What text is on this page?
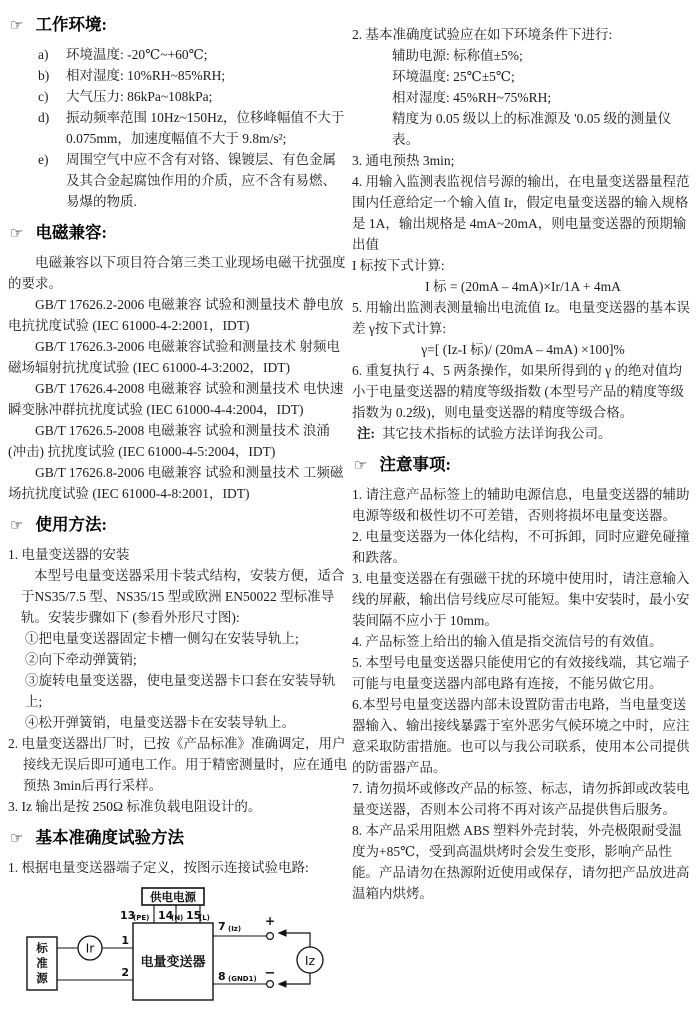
☞ 工作环境:
a) 环境温度: -20℃~+60℃;
b) 相对湿度: 10%RH~85%RH;
c) 大气压力: 86kPa~108kPa;
d) 振动频率范围 10Hz~150Hz，位移峰幅值不大于0.075mm，加速度幅值不大于 9.8m/s²;
e) 周围空气中应不含有对铬、镍镀层、有色金属及其合金起腐蚀作用的介质，应不含有易燃、易爆的物质.
☞ 电磁兼容:
电磁兼容以下项目符合第三类工业现场电磁干扰强度的要求。
GB/T 17626.2-2006 电磁兼容 试验和测量技术 静电放电抗扰度试验 (IEC 61000-4-2:2001，IDT)
GB/T 17626.3-2006 电磁兼容试验和测量技术 射频电磁场辐射抗扰度试验 (IEC 61000-4-3:2002，IDT)
GB/T 17626.4-2008 电磁兼容 试验和测量技术 电快速瞬变脉冲群抗扰度试验 (IEC 61000-4-4:2004，IDT)
GB/T 17626.5-2008 电磁兼容 试验和测量技术 浪涌 (冲击) 抗扰度试验 (IEC 61000-4-5:2004，IDT)
GB/T 17626.8-2006 电磁兼容 试验和测量技术 工频磁场抗扰度试验 (IEC 61000-4-8:2001，IDT)
☞ 使用方法:
1. 电量变送器的安装
本型号电量变送器采用卡装式结构，安装方便，适合于NS35/7.5 型、NS35/15 型或欧洲 EN50022 型标准导轨。安装步骤如下 (参看外形尺寸图):
①把电量变送器固定卡槽一侧勾在安装导轨上;
②向下牵动弹簧销;
③旋转电量变送器，使电量变送器卡口套在安装导轨上;
④松开弹簧销，电量变送器卡在安装导轨上。
2. 电量变送器出厂时，已按《产品标准》准确调定，用户接线无误后即可通电工作。用于精密测量时，应在通电预热 3min后再行采样。
3. Iz 输出是按 250Ω 标准负载电阻设计的。
☞ 基本准确度试验方法
1. 根据电量变送器端子定义，按图示连接试验电路:
供电电源
13
(PE) 14
(N) 15
(L)
电量变送器
标
准
源
Ir 1
2
7 (Iz)
+
8 (GND1) −
Iz
2. 基本准确度试验应在如下环境条件下进行:
辅助电源: 标称值±5%;
环境温度: 25℃±5℃;
相对湿度: 45%RH~75%RH;
精度为 0.05 级以上的标准源及 '0.05 级的测量仪表。
3. 通电预热 3min;
4. 用输入监测表监视信号源的输出，在电量变送器量程范围内任意给定一个输入值 Ir，假定电量变送器的输入规格是 1A，输出规格是 4mA~20mA，则电量变送器的预期输出值
I 标按下式计算:
I 标 = (20mA – 4mA)×Ir/1A + 4mA
5. 用输出监测表测量输出电流值 Iz。电量变送器的基本误差 γ按下式计算:
γ=[ (Iz-I 标)/ (20mA – 4mA) ×100]%
6. 重复执行 4、5 两条操作，如果所得到的 γ 的绝对值均小于电量变送器的精度等级指数 (本型号产品的精度等级指数为 0.2级)，则电量变送器的精度等级合格。
注: 其它技术指标的试验方法详询我公司。
☞ 注意事项:
1. 请注意产品标签上的辅助电源信息，电量变送器的辅助电源等级和极性切不可差错，否则将损坏电量变送器。
2. 电量变送器为一体化结构，不可拆卸，同时应避免碰撞和跌落。
3. 电量变送器在有强磁干扰的环境中使用时，请注意输入线的屏蔽，输出信号线应尽可能短。集中安装时，最小安装间隔不应小于 10mm。
4. 产品标签上给出的输入值是指交流信号的有效值。
5. 本型号电量变送器只能使用它的有效接线端，其它端子可能与电量变送器内部电路有连接，不能另做它用。
6.本型号电量变送器内部未设置防雷击电路，当电量变送器输入、输出接线暴露于室外恶劣气候环境之中时，应注意采取防雷措施。也可以与我公司联系，使用本公司提供的防雷器产品。
7. 请勿损坏或修改产品的标签、标志，请勿拆卸或改装电量变送器，否则本公司将不再对该产品提供售后服务。
8. 本产品采用阻燃 ABS 塑料外壳封装，外壳极限耐受温度为+85℃，受到高温烘烤时会发生变形，影响产品性能。产品请勿在热源附近使用或保存，请勿把产品放进高温箱内烘烤。
